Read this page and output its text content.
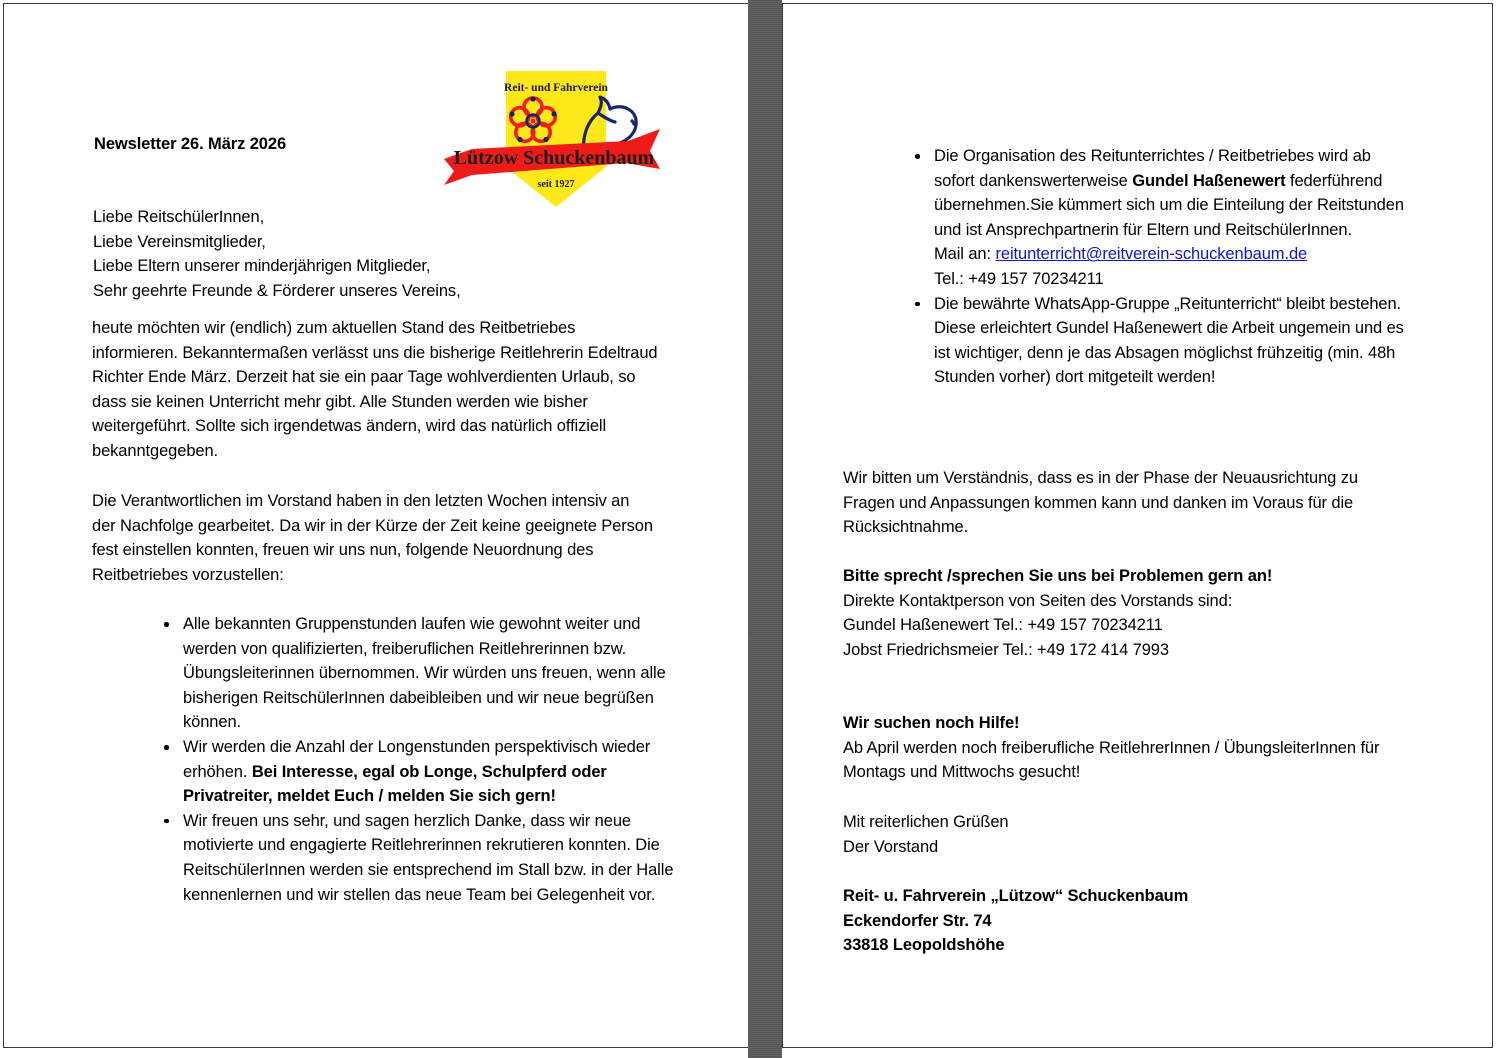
Reit- und Fahrverein
seit 1927
Lützow Schuckenbaum
Newsletter 26. März 2026
Liebe ReitschülerInnen,
Liebe Vereinsmitglieder,
Liebe Eltern unserer minderjährigen Mitglieder,
Sehr geehrte Freunde & Förderer unseres Vereins,
heute möchten wir (endlich) zum aktuellen Stand des Reitbetriebes informieren. Bekanntermaßen verlässt uns die bisherige Reitlehrerin Edeltraud Richter Ende März. Derzeit hat sie ein paar Tage wohlverdienten Urlaub, so dass sie keinen Unterricht mehr gibt. Alle Stunden werden wie bisher weitergeführt. Sollte sich irgendetwas ändern, wird das natürlich offiziell bekanntgegeben.
Die Verantwortlichen im Vorstand haben in den letzten Wochen intensiv an der Nachfolge gearbeitet. Da wir in der Kürze der Zeit keine geeignete Person fest einstellen konnten, freuen wir uns nun, folgende Neuordnung des Reitbetriebes vorzustellen:
Alle bekannten Gruppenstunden laufen wie gewohnt weiter und werden von qualifizierten, freiberuflichen Reitlehrerinnen bzw. Übungsleiterinnen übernommen. Wir würden uns freuen, wenn alle bisherigen ReitschülerInnen dabeibleiben und wir neue begrüßen können.
Wir werden die Anzahl der Longenstunden perspektivisch wieder erhöhen. Bei Interesse, egal ob Longe, Schulpferd oder Privatreiter, meldet Euch / melden Sie sich gern!
Wir freuen uns sehr, und sagen herzlich Danke, dass wir neue motivierte und engagierte Reitlehrerinnen rekrutieren konnten. Die ReitschülerInnen werden sie entsprechend im Stall bzw. in der Halle kennenlernen und wir stellen das neue Team bei Gelegenheit vor.
Die Organisation des Reitunterrichtes / Reitbetriebes wird ab sofort dankenswerterweise Gundel Haßenewert federführend übernehmen.Sie kümmert sich um die Einteilung der Reitstunden und ist Ansprechpartnerin für Eltern und ReitschülerInnen.
Mail an: reitunterricht@reitverein-schuckenbaum.de
Tel.: +49 157 70234211
Die bewährte WhatsApp-Gruppe „Reitunterricht“ bleibt bestehen. Diese erleichtert Gundel Haßenewert die Arbeit ungemein und es ist wichtiger, denn je das Absagen möglichst frühzeitig (min. 48h Stunden vorher) dort mitgeteilt werden!
Wir bitten um Verständnis, dass es in der Phase der Neuausrichtung zu Fragen und Anpassungen kommen kann und danken im Voraus für die Rücksichtnahme.
Bitte sprecht /sprechen Sie uns bei Problemen gern an!
Direkte Kontaktperson von Seiten des Vorstands sind:
Gundel Haßenewert Tel.: +49 157 70234211
Jobst Friedrichsmeier Tel.: +49 172 414 7993
Wir suchen noch Hilfe!
Ab April werden noch freiberufliche ReitlehrerInnen / ÜbungsleiterInnen für Montags und Mittwochs gesucht!
Mit reiterlichen Grüßen
Der Vorstand
Reit- u. Fahrverein „Lützow“ Schuckenbaum
Eckendorfer Str. 74
33818 Leopoldshöhe
